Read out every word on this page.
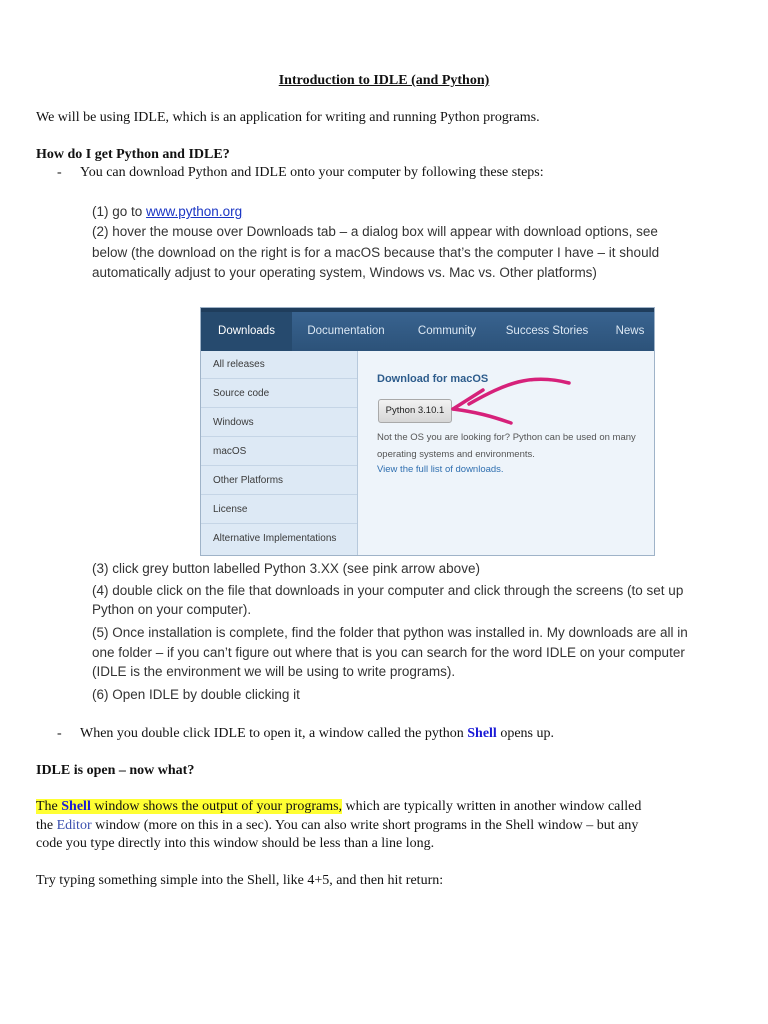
Introduction to IDLE (and Python)
We will be using IDLE, which is an application for writing and running Python programs.
How do I get Python and IDLE?
- You can download Python and IDLE onto your computer by following these steps:
(1) go to www.python.org
(2) hover the mouse over Downloads tab – a dialog box will appear with download options, see
below (the download on the right is for a macOS because that’s the computer I have – it should
automatically adjust to your operating system, Windows vs. Mac vs. Other platforms)
Downloads	Documentation	Community	Success Stories	News
All releases
Source code
Windows
macOS
Other Platforms
License
Alternative Implementations
Download for macOS
Python 3.10.1
Not the OS you are looking for? Python can be used on many operating systems and environments.
View the full list of downloads.
(3) click grey button labelled Python 3.XX (see pink arrow above)
(4) double click on the file that downloads in your computer and click through the screens (to set up
Python on your computer).
(5) Once installation is complete, find the folder that python was installed in. My downloads are all in
one folder – if you can’t figure out where that is you can search for the word IDLE on your computer
(IDLE is the environment we will be using to write programs).
(6) Open IDLE by double clicking it
- When you double click IDLE to open it, a window called the python Shell opens up.
IDLE is open – now what?
The Shell window shows the output of your programs, which are typically written in another window called
the Editor window (more on this in a sec). You can also write short programs in the Shell window – but any
code you type directly into this window should be less than a line long.
Try typing something simple into the Shell, like 4+5, and then hit return:
